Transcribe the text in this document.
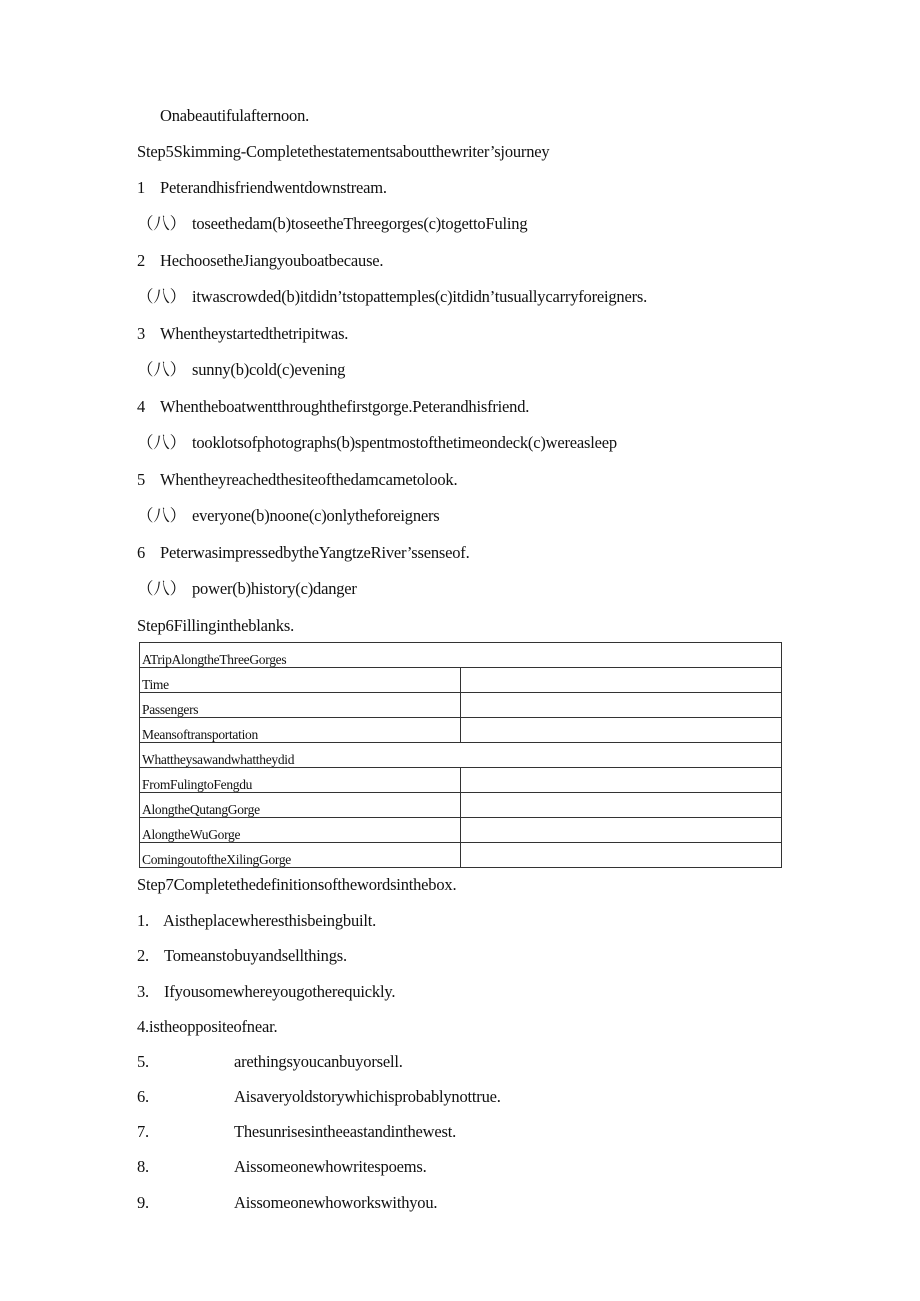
Onabeautifulafternoon.
Step5Skimming-Completethestatementsaboutthewriter’sjourney
1 Peterandhisfriendwentdownstream.
（八） toseethedam(b)toseetheThreegorges(c)togettoFuling
2 HechoosetheJiangyouboatbecause.
（八） itwascrowded(b)itdidn’tstopattemples(c)itdidn’tusuallycarryforeigners.
3 Whentheystartedthetripitwas.
（八） sunny(b)cold(c)evening
4 Whentheboatwentthroughthefirstgorge.Peterandhisfriend.
（八） tooklotsofphotographs(b)spentmostofthetimeondeck(c)wereasleep
5 Whentheyreachedthesiteofthedamcametolook.
（八） everyone(b)noone(c)onlytheforeigners
6 PeterwasimpressedbytheYangtzeRiver’ssenseof.
（八） power(b)history(c)danger
Step6Fillingintheblanks.
ATripAlongtheThreeGorges	
Time	
Passengers	
Meansoftransportation	
Whattheysawandwhattheydid	
FromFulingtoFengdu	
AlongtheQutangGorge	
AlongtheWuGorge	
ComingoutoftheXilingGorge	
Step7Completethedefinitionsofthewordsinthebox.
1. Aistheplacewheresthisbeingbuilt.
2. Tomeanstobuyandsellthings.
3. Ifyousomewhereyougotherequickly.
4.istheoppositeofnear.
5.	arethingsyoucanbuyorsell.
6.	Aisaveryoldstorywhichisprobablynottrue.
7.	Thesunrisesintheeastandinthewest.
8.	Aissomeonewhowritespoems.
9.	Aissomeonewhoworkswithyou.
